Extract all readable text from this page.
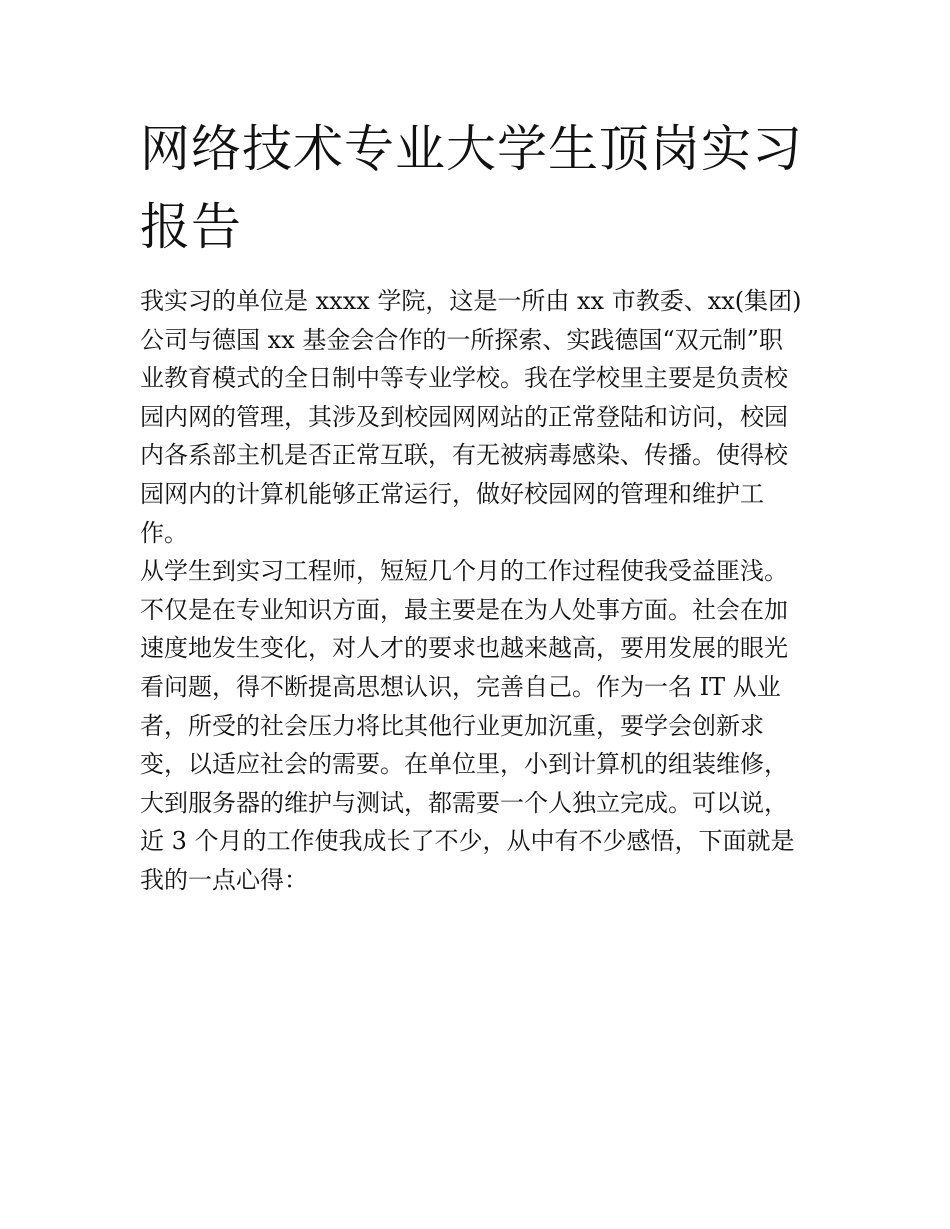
网络技术专业大学生顶岗实习
报告

我实习的单位是 xxxx 学院，这是一所由 xx 市教委、xx(集团)
公司与德国 xx 基金会合作的一所探索、实践德国“双元制”职
业教育模式的全日制中等专业学校。我在学校里主要是负责校
园内网的管理，其涉及到校园网网站的正常登陆和访问，校园
内各系部主机是否正常互联，有无被病毒感染、传播。使得校
园网内的计算机能够正常运行，做好校园网的管理和维护工
作。

从学生到实习工程师，短短几个月的工作过程使我受益匪浅。
不仅是在专业知识方面，最主要是在为人处事方面。社会在加
速度地发生变化，对人才的要求也越来越高，要用发展的眼光
看问题，得不断提高思想认识，完善自己。作为一名 IT 从业
者，所受的社会压力将比其他行业更加沉重，要学会创新求
变，以适应社会的需要。在单位里，小到计算机的组装维修，
大到服务器的维护与测试，都需要一个人独立完成。可以说，
近 3 个月的工作使我成长了不少，从中有不少感悟，下面就是
我的一点心得：
